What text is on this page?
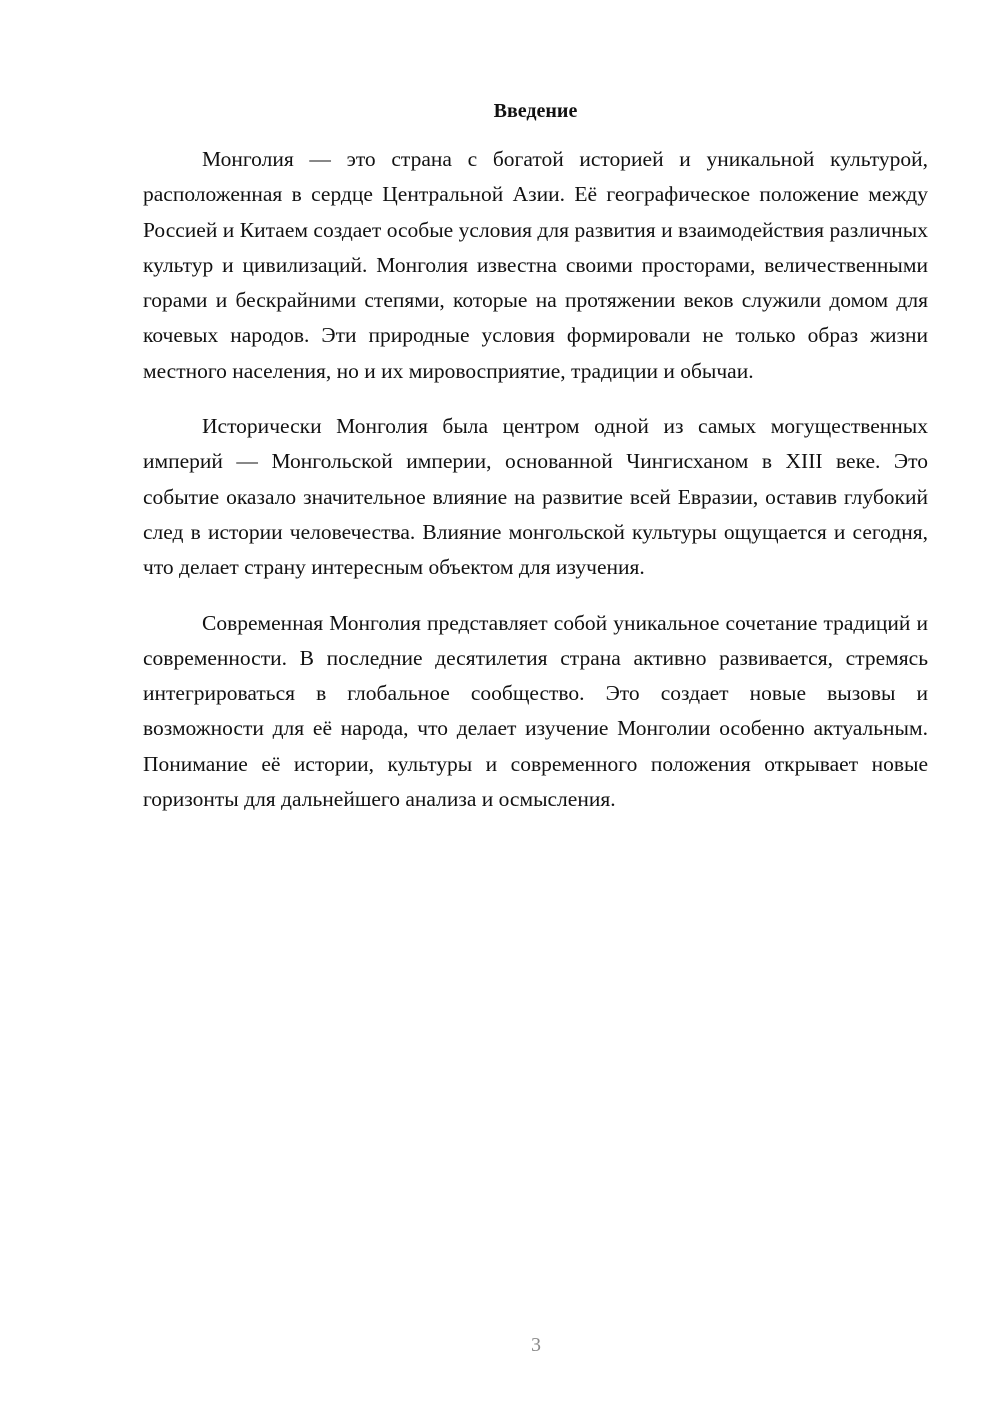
Введение

Монголия — это страна с богатой историей и уникальной культурой, расположенная в сердце Центральной Азии. Её географическое положение между Россией и Китаем создает особые условия для развития и взаимодействия различных культур и цивилизаций. Монголия известна своими просторами, величественными горами и бескрайними степями, которые на протяжении веков служили домом для кочевых народов. Эти природные условия формировали не только образ жизни местного населения, но и их мировосприятие, традиции и обычаи.

Исторически Монголия была центром одной из самых могущественных империй — Монгольской империи, основанной Чингисханом в XIII веке. Это событие оказало значительное влияние на развитие всей Евразии, оставив глубокий след в истории человечества. Влияние монгольской культуры ощущается и сегодня, что делает страну интересным объектом для изучения.

Современная Монголия представляет собой уникальное сочетание традиций и современности. В последние десятилетия страна активно развивается, стремясь интегрироваться в глобальное сообщество. Это создает новые вызовы и возможности для её народа, что делает изучение Монголии особенно актуальным. Понимание её истории, культуры и современного положения открывает новые горизонты для дальнейшего анализа и осмысления.

3
